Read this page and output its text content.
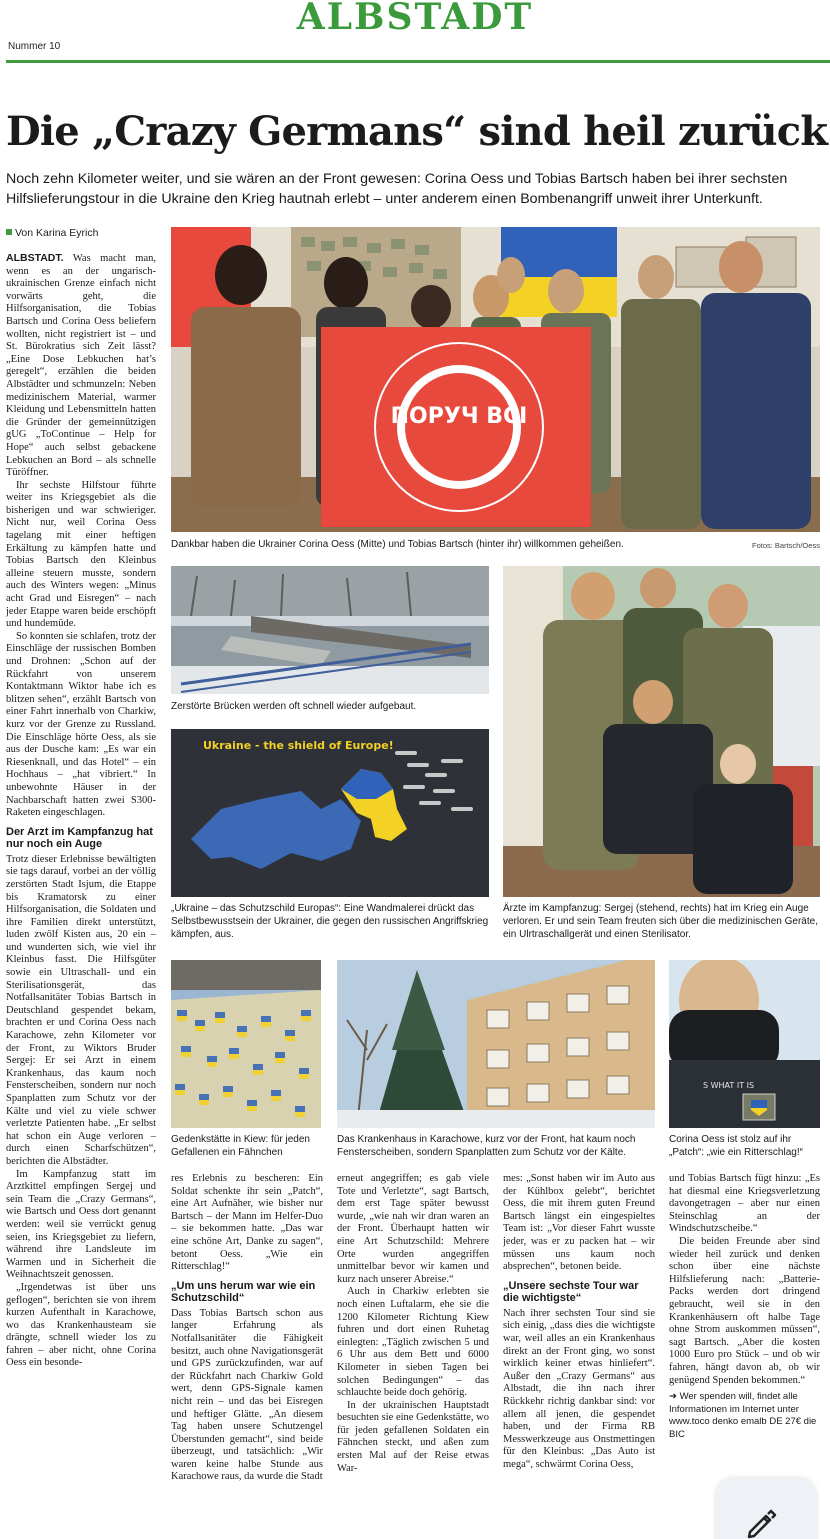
ALBSTADT
Nummer 10
Die „Crazy Germans“ sind heil zurück

Noch zehn Kilometer weiter, und sie wären an der Front gewesen: Corina Oess und Tobias Bartsch haben bei ihrer sechsten Hilfslieferungstour in die Ukraine den Krieg hautnah erlebt – unter anderem einen Bombenangriff unweit ihrer Unterkunft.

Von Karina Eyrich
ПОРУЧ ВСІ
Dankbar haben die Ukrainer Corina Oess (Mitte) und Tobias Bartsch (hinter ihr) willkommen geheißen.	Fotos: Bartsch/Oess

ALBSTADT. Was macht man, wenn es an der ungarisch-ukrainischen Grenze einfach nicht vorwärts geht, die Hilfsorganisation, die Tobias Bartsch und Corina Oess beliefern wollten, nicht registriert ist – und St. Bürokratius sich Zeit lässt? „Eine Dose Lebkuchen hat’s geregelt“, erzählen die beiden Albstädter und schmunzeln: Neben medizinischem Material, warmer Kleidung und Lebensmitteln hatten die Gründer der gemeinnützigen gUG „ToContinue – Help for Hope“ auch selbst gebackene Lebkuchen an Bord – als schnelle Türöffner.

Ihr sechste Hilfstour führte weiter ins Kriegsgebiet als die bisherigen und war schwieriger. Nicht nur, weil Corina Oess tagelang mit einer heftigen Erkältung zu kämpfen hatte und Tobias Bartsch den Kleinbus alleine steuern musste, sondern auch des Winters wegen: „Minus acht Grad und Eisregen“ – nach jeder Etappe waren beide erschöpft und hundemüde.

So konnten sie schlafen, trotz der Einschläge der russischen Bomben und Drohnen: „Schon auf der Rückfahrt von unserem Kontaktmann Wiktor habe ich es blitzen sehen“, erzählt Bartsch von einer Fahrt innerhalb von Charkiw, kurz vor der Grenze zu Russland. Die Einschläge hörte Oess, als sie aus der Dusche kam: „Es war ein Riesenknall, und das Hotel“ – ein Hochhaus – „hat vibriert.“ In unbewohnte Häuser in der Nachbarschaft hatten zwei S300-Raketen eingeschlagen.

Der Arzt im Kampfanzug hat nur noch ein Auge

Trotz dieser Erlebnisse bewältigten sie tags darauf, vorbei an der völlig zerstörten Stadt Isjum, die Etappe bis Kramatorsk zu einer Hilfsorganisation, die Soldaten und ihre Familien direkt unterstützt, luden zwölf Kisten aus, 20 ein – und wunderten sich, wie viel ihr Kleinbus fasst. Die Hilfsgüter sowie ein Ultraschall- und ein Sterilisationsgerät, das Notfallsanitäter Tobias Bartsch in Deutschland gespendet bekam, brachten er und Corina Oess nach Karachowe, zehn Kilometer vor der Front, zu Wiktors Bruder Sergej: Er sei Arzt in einem Krankenhaus, das kaum noch Fensterscheiben, sondern nur noch Spanplatten zum Schutz vor der Kälte und viel zu viele schwer verletzte Patienten habe. „Er selbst hat schon ein Auge verloren – durch einen Scharfschützen“, berichten die Albstädter.

Im Kampfanzug statt im Arztkittel empfingen Sergej und sein Team die „Crazy Germans“, wie Bartsch und Oess dort genannt werden: weil sie verrückt genug seien, ins Kriegsgebiet zu liefern, während ihre Landsleute im Warmen und in Sicherheit die Weihnachtszeit genossen.

„Irgendetwas ist über uns geflogen“, berichten sie von ihrem kurzen Aufenthalt in Karachowe, wo das Krankenhausteam sie drängte, schnell wieder los zu fahren – aber nicht, ohne Corina Oess ein besonde-

Zerstörte Brücken werden oft schnell wieder aufgebaut.
Ukraine - the shield of Europe!
„Ukraine – das Schutzschild Europas“: Eine Wandmalerei drückt das Selbstbewusstsein der Ukrainer, die gegen den russischen Angriffskrieg kämpfen, aus.
Ärzte im Kampfanzug: Sergej (stehend, rechts) hat im Krieg ein Auge verloren. Er und sein Team freuten sich über die medizinischen Geräte, ein Ulrtraschallgerät und einen Sterilisator.
Gedenkstätte in Kiew: für jeden Gefallenen ein Fähnchen
Das Krankenhaus in Karachowe, kurz vor der Front, hat kaum noch Fensterscheiben, sondern Spanplatten zum Schutz vor der Kälte.
S WHAT IT IS
Corina Oess ist stolz auf ihr „Patch“: „wie ein Ritterschlag!“

res Erlebnis zu bescheren: Ein Soldat schenkte ihr sein „Patch“, eine Art Aufnäher, wie bisher nur Bartsch – der Mann im Helfer-Duo – sie bekommen hatte. „Das war eine schöne Art, Danke zu sagen“, betont Oess. „Wie ein Ritterschlag!“

„Um uns herum war wie ein Schutzschild“

Dass Tobias Bartsch schon aus langer Erfahrung als Notfallsanitäter die Fähigkeit besitzt, auch ohne Navigationsgerät und GPS zurückzufinden, war auf der Rückfahrt nach Charkiw Gold wert, denn GPS-Signale kamen nicht rein – und das bei Eisregen und heftiger Glätte. „An diesem Tag haben unsere Schutzengel Überstunden gemacht“, sind beide überzeugt, und tatsächlich: „Wir waren keine halbe Stunde aus Karachowe raus, da wurde die Stadt

erneut angegriffen; es gab viele Tote und Verletzte“, sagt Bartsch, dem erst Tage später bewusst wurde, „wie nah wir dran waren an der Front. Überhaupt hatten wir eine Art Schutzschild: Mehrere Orte wurden angegriffen unmittelbar bevor wir kamen und kurz nach unserer Abreise.“

Auch in Charkiw erlebten sie noch einen Luftalarm, ehe sie die 1200 Kilometer Richtung Kiew fuhren und dort einen Ruhetag einlegten: „Täglich zwischen 5 und 6 Uhr aus dem Bett und 6000 Kilometer in sieben Tagen bei solchen Bedingungen“ – das schlauchte beide doch gehörig.

In der ukrainischen Hauptstadt besuchten sie eine Gedenkstätte, wo für jeden gefallenen Soldaten ein Fähnchen steckt, und aßen zum ersten Mal auf der Reise etwas War-

mes: „Sonst haben wir im Auto aus der Kühlbox gelebt“, berichtet Oess, die mit ihrem guten Freund Bartsch längst ein eingespieltes Team ist: „Vor dieser Fahrt wusste jeder, was er zu packen hat – wir müssen uns kaum noch absprechen“, betonen beide.

„Unsere sechste Tour war die wichtigste“

Nach ihrer sechsten Tour sind sie sich einig, „dass dies die wichtigste war, weil alles an ein Krankenhaus direkt an der Front ging, wo sonst wirklich keiner etwas hinliefert“. Außer den „Crazy Germans“ aus Albstadt, die ihn nach ihrer Rückkehr richtig dankbar sind: vor allem all jenen, die gespendet haben, und der Firma RB Messwerkzeuge aus Onstmettingen für den Kleinbus: „Das Auto ist mega“, schwärmt Corina Oess,

und Tobias Bartsch fügt hinzu: „Es hat diesmal eine Kriegsverletzung davongetragen – aber nur einen Steinschlag an der Windschutzscheibe.“

Die beiden Freunde aber sind wieder heil zurück und denken schon über eine nächste Hilfslieferung nach: „Batterie-Packs werden dort dringend gebraucht, weil sie in den Krankenhäusern oft halbe Tage ohne Strom auskommen müssen“, sagt Bartsch. „Aber die kosten 1000 Euro pro Stück – und ob wir fahren, hängt davon ab, ob wir genügend Spenden bekommen.“

➜ Wer spenden will, findet alle Informationen im Internet unter www.toco denko emalb DE 27€ die BIC
